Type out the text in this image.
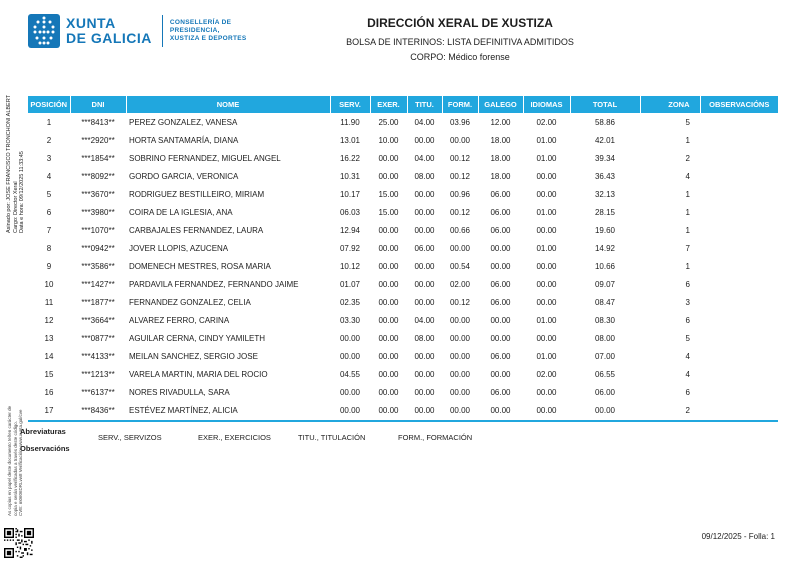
XUNTA
DE GALICIA
CONSELLERÍA DE
PRESIDENCIA,
XUSTIZA E DEPORTES
DIRECCIÓN XERAL DE XUSTIZA
BOLSA DE INTERINOS: LISTA DEFINITIVA ADMITIDOS
CORPO: Médico forense
Asinado por: JOSE FRANCISCO TRONCHONI ALBERT Cargo: Director Xeral Data e hora: 09/12/2025 11:33:45
As copias en papel deste documento teñen carácter de copia e serán verificadas a través deste código. CVE: m0606DRLvw8 Verificación: www.xunta.gal/cve
POSICIÓN	DNI	NOME	SERV.	EXER.	TITU.	FORM.	GALEGO	IDIOMAS	TOTAL	ZONA	OBSERVACIÓNS
1	***8413**	PEREZ GONZALEZ, VANESA	11.90	25.00	04.00	03.96	12.00	02.00	58.86	5	
2	***2920**	HORTA SANTAMARÍA, DIANA	13.01	10.00	00.00	00.00	18.00	01.00	42.01	1	
3	***1854**	SOBRINO FERNANDEZ, MIGUEL ANGEL	16.22	00.00	04.00	00.12	18.00	01.00	39.34	2	
4	***8092**	GORDO GARCIA, VERONICA	10.31	00.00	08.00	00.12	18.00	00.00	36.43	4	
5	***3670**	RODRIGUEZ BESTILLEIRO, MIRIAM	10.17	15.00	00.00	00.96	06.00	00.00	32.13	1	
6	***3980**	COIRA DE LA IGLESIA, ANA	06.03	15.00	00.00	00.12	06.00	01.00	28.15	1	
7	***1070**	CARBAJALES FERNANDEZ, LAURA	12.94	00.00	00.00	00.66	06.00	00.00	19.60	1	
8	***0942**	JOVER LLOPIS, AZUCENA	07.92	00.00	06.00	00.00	00.00	01.00	14.92	7	
9	***3586**	DOMENECH MESTRES, ROSA MARIA	10.12	00.00	00.00	00.54	00.00	00.00	10.66	1	
10	***1427**	PARDAVILA FERNANDEZ, FERNANDO JAIME	01.07	00.00	00.00	02.00	06.00	00.00	09.07	6	
11	***1877**	FERNANDEZ GONZALEZ, CELIA	02.35	00.00	00.00	00.12	06.00	00.00	08.47	3	
12	***3664**	ALVAREZ FERRO, CARINA	03.30	00.00	04.00	00.00	00.00	01.00	08.30	6	
13	***0877**	AGUILAR CERNA, CINDY YAMILETH	00.00	00.00	08.00	00.00	00.00	00.00	08.00	5	
14	***4133**	MEILAN SANCHEZ, SERGIO JOSE	00.00	00.00	00.00	00.00	06.00	01.00	07.00	4	
15	***1213**	VARELA MARTIN, MARIA DEL ROCIO	04.55	00.00	00.00	00.00	00.00	02.00	06.55	4	
16	***6137**	NORES RIVADULLA, SARA	00.00	00.00	00.00	00.00	06.00	00.00	06.00	6	
17	***8436**	ESTÉVEZ MARTÍNEZ, ALICIA	00.00	00.00	00.00	00.00	00.00	00.00	00.00	2	
Abreviaturas
SERV., SERVIZOS	EXER., EXERCICIOS	TITU., TITULACIÓN	FORM., FORMACIÓN
Observacións
09/12/2025 - Folla: 1
